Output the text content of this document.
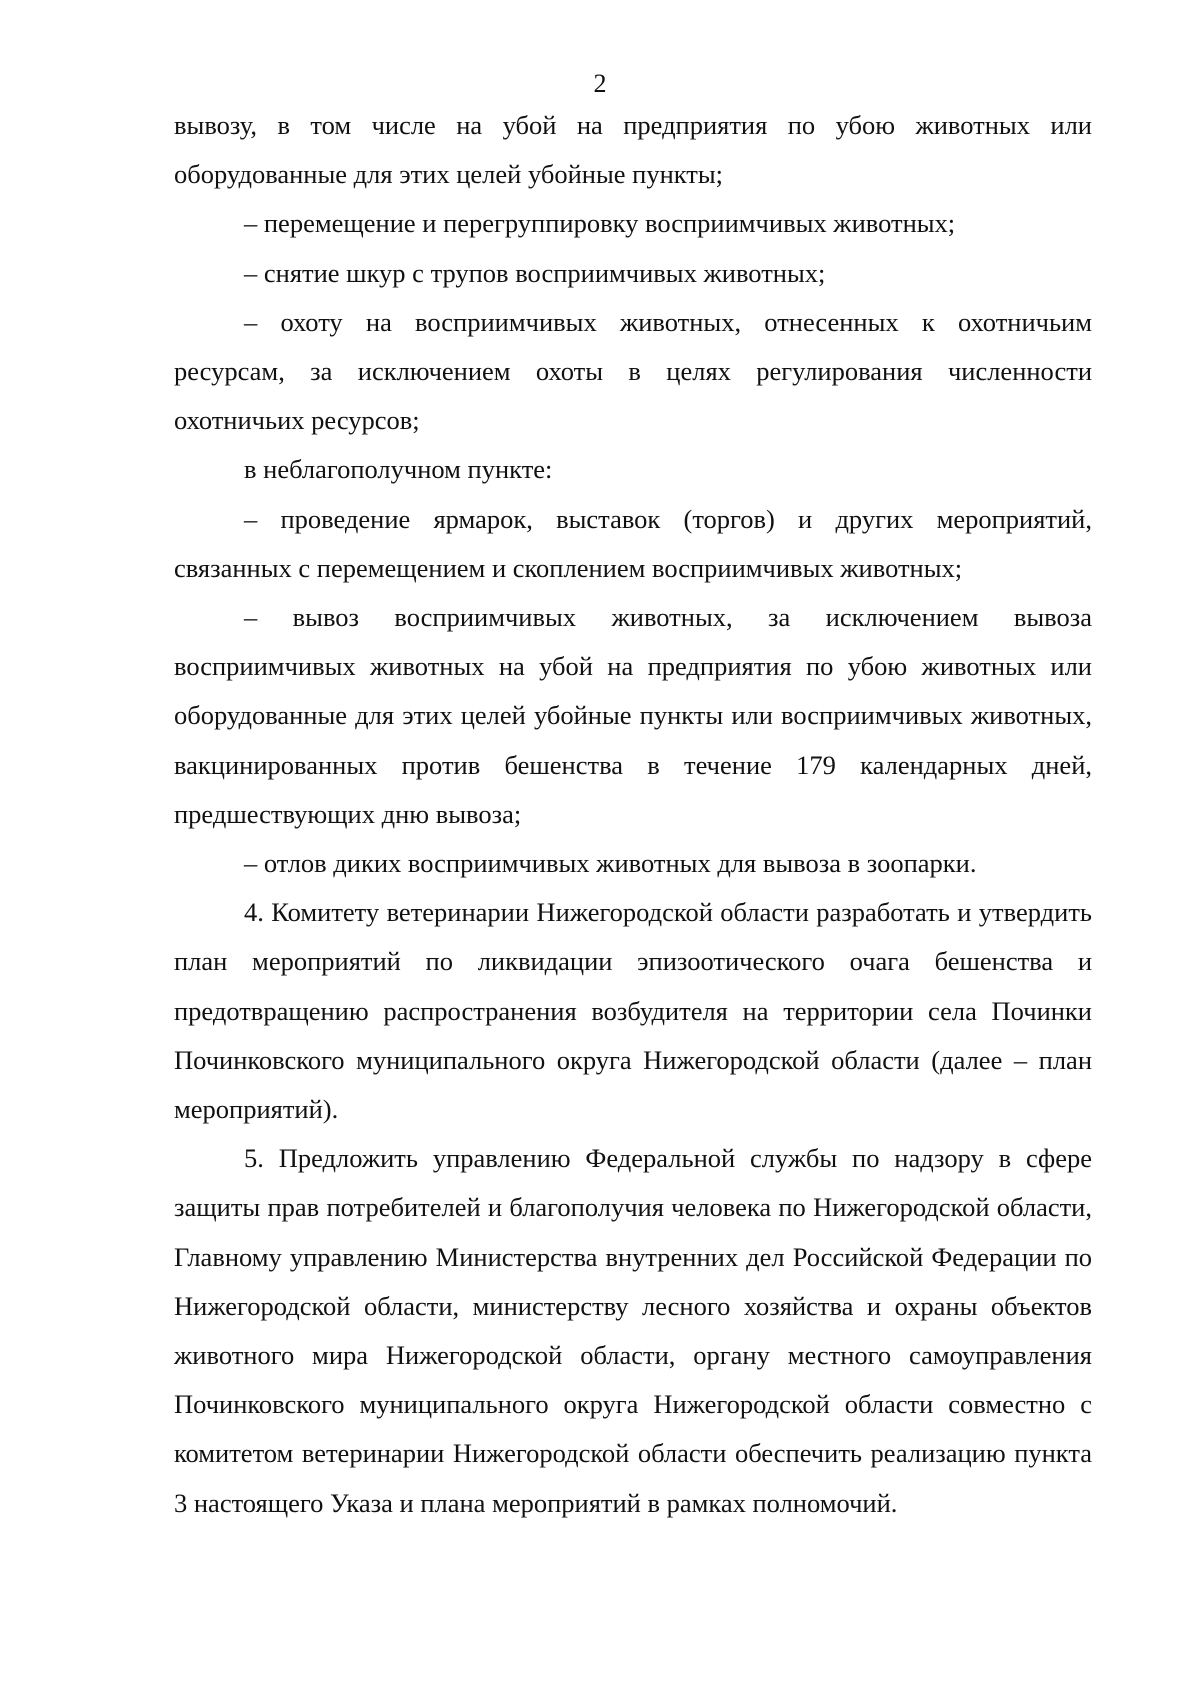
2

вывозу, в том числе на убой на предприятия по убою животных или оборудованные для этих целей убойные пункты;

– перемещение и перегруппировку восприимчивых животных;

– снятие шкур с трупов восприимчивых животных;

– охоту на восприимчивых животных, отнесенных к охотничьим ресурсам, за исключением охоты в целях регулирования численности охотничьих ресурсов;

в неблагополучном пункте:

– проведение ярмарок, выставок (торгов) и других мероприятий, связанных с перемещением и скоплением восприимчивых животных;

– вывоз восприимчивых животных, за исключением вывоза восприимчивых животных на убой на предприятия по убою животных или оборудованные для этих целей убойные пункты или восприимчивых животных, вакцинированных против бешенства в течение 179 календарных дней, предшествующих дню вывоза;

– отлов диких восприимчивых животных для вывоза в зоопарки.

4. Комитету ветеринарии Нижегородской области разработать и утвердить план мероприятий по ликвидации эпизоотического очага бешенства и предотвращению распространения возбудителя на территории села Починки Починковского муниципального округа Нижегородской области (далее – план мероприятий).

5. Предложить управлению Федеральной службы по надзору в сфере защиты прав потребителей и благополучия человека по Нижегородской области, Главному управлению Министерства внутренних дел Российской Федерации по Нижегородской области, министерству лесного хозяйства и охраны объектов животного мира Нижегородской области, органу местного самоуправления Починковского муниципального округа Нижегородской области совместно с комитетом ветеринарии Нижегородской области обеспечить реализацию пункта 3 настоящего Указа и плана мероприятий в рамках полномочий.
